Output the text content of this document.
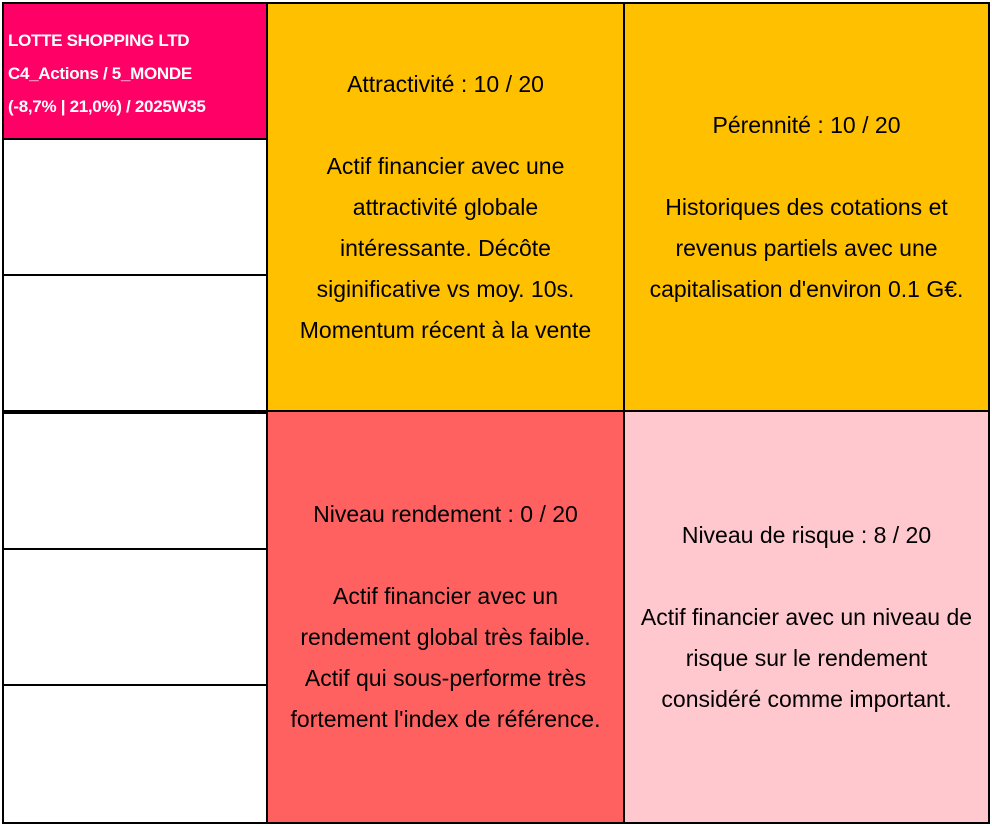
LOTTE SHOPPING LTD
C4_Actions / 5_MONDE
(-8,7% | 21,0%) / 2025W35
Attractivité : 10 / 20
Actif financier avec une
attractivité globale
intéressante. Décôte
siginificative vs moy. 10s.
Momentum récent à la vente
Pérennité : 10 / 20
Historiques des cotations et
revenus partiels avec une
capitalisation d'environ 0.1 G€.
Niveau rendement : 0 / 20
Actif financier avec un
rendement global très faible.
Actif qui sous-performe très
fortement l'index de référence.
Niveau de risque : 8 / 20
Actif financier avec un niveau de
risque sur le rendement
considéré comme important.
